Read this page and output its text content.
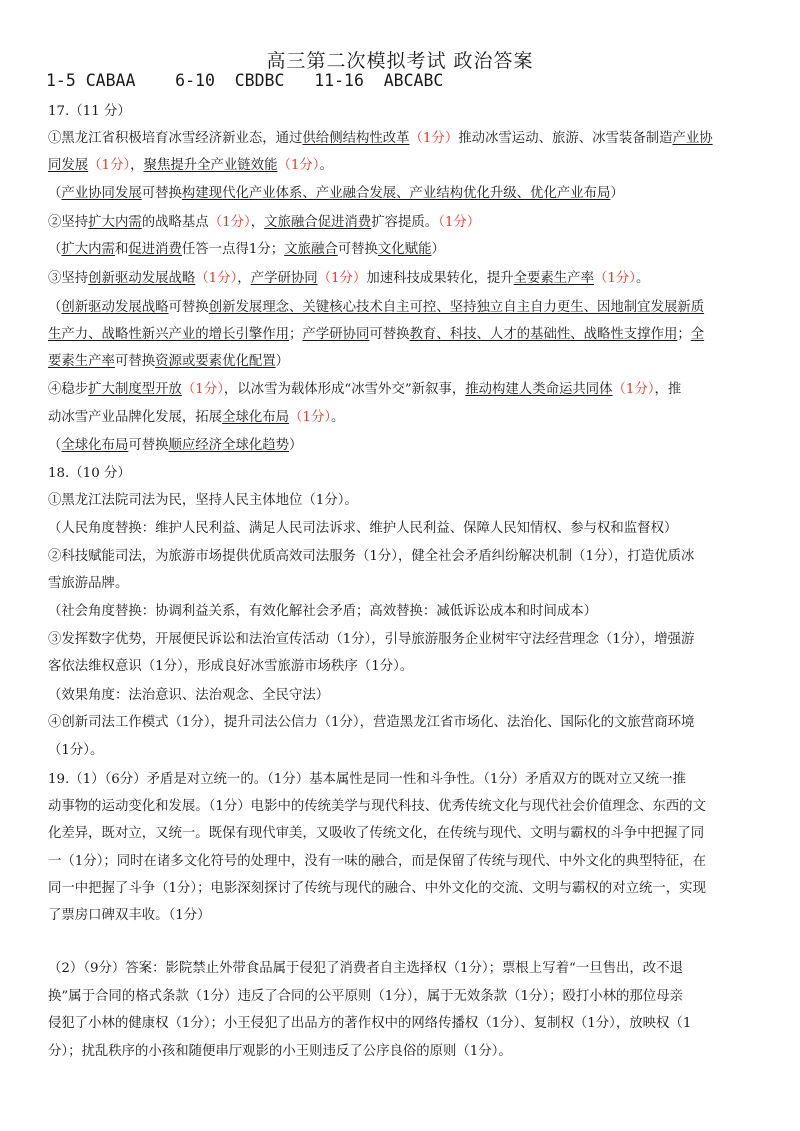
高三第二次模拟考试 政治答案
1-5 CABAA    6-10  CBDBC   11-16  ABCABC
17.（11 分）
①黑龙江省积极培育冰雪经济新业态，通过供给侧结构性改革（1分）推动冰雪运动、旅游、冰雪装备制造产业协
同发展（1分），聚焦提升全产业链效能（1分）。
（产业协同发展可替换构建现代化产业体系、产业融合发展、产业结构优化升级、优化产业布局）
②坚持扩大内需的战略基点（1分），文旅融合促进消费扩容提质。（1分）
（扩大内需和促进消费任答一点得1分；文旅融合可替换文化赋能）
③坚持创新驱动发展战略（1分），产学研协同（1分）加速科技成果转化，提升全要素生产率（1分）。
（创新驱动发展战略可替换创新发展理念、关键核心技术自主可控、坚持独立自主自力更生、因地制宜发展新质
生产力、战略性新兴产业的增长引擎作用；产学研协同可替换教育、科技、人才的基础性、战略性支撑作用；全
要素生产率可替换资源或要素优化配置）
④稳步扩大制度型开放（1分），以冰雪为载体形成“冰雪外交”新叙事，推动构建人类命运共同体（1分），推
动冰雪产业品牌化发展，拓展全球化布局（1分）。
（全球化布局可替换顺应经济全球化趋势）
18.（10 分）
①黑龙江法院司法为民，坚持人民主体地位（1分）。
（人民角度替换：维护人民利益、满足人民司法诉求、维护人民利益、保障人民知情权、参与权和监督权）
②科技赋能司法，为旅游市场提供优质高效司法服务（1分），健全社会矛盾纠纷解决机制（1分），打造优质冰
雪旅游品牌。
（社会角度替换：协调利益关系，有效化解社会矛盾；高效替换：减低诉讼成本和时间成本）
③发挥数字优势，开展便民诉讼和法治宣传活动（1分），引导旅游服务企业树牢守法经营理念（1分），增强游
客依法维权意识（1分），形成良好冰雪旅游市场秩序（1分）。
（效果角度：法治意识、法治观念、全民守法）
④创新司法工作模式（1分），提升司法公信力（1分），营造黑龙江省市场化、法治化、国际化的文旅营商环境
（1分）。
19.（1）（6分）矛盾是对立统一的。（1分）基本属性是同一性和斗争性。（1分）矛盾双方的既对立又统一推
动事物的运动变化和发展。（1分）电影中的传统美学与现代科技、优秀传统文化与现代社会价值理念、东西的文
化差异，既对立，又统一。既保有现代审美，又吸收了传统文化，在传统与现代、文明与霸权的斗争中把握了同
一（1分）；同时在诸多文化符号的处理中，没有一味的融合，而是保留了传统与现代、中外文化的典型特征，在
同一中把握了斗争（1分）；电影深刻探讨了传统与现代的融合、中外文化的交流、文明与霸权的对立统一，实现
了票房口碑双丰收。（1分）
（2）（9分）答案：影院禁止外带食品属于侵犯了消费者自主选择权（1分）；票根上写着“一旦售出，改不退
换”属于合同的格式条款（1分）违反了合同的公平原则（1分），属于无效条款（1分）；殴打小林的那位母亲
侵犯了小林的健康权（1分）；小王侵犯了出品方的著作权中的网络传播权（1分）、复制权（1分），放映权（1
分）；扰乱秩序的小孩和随便串厅观影的小王则违反了公序良俗的原则（1分）。
